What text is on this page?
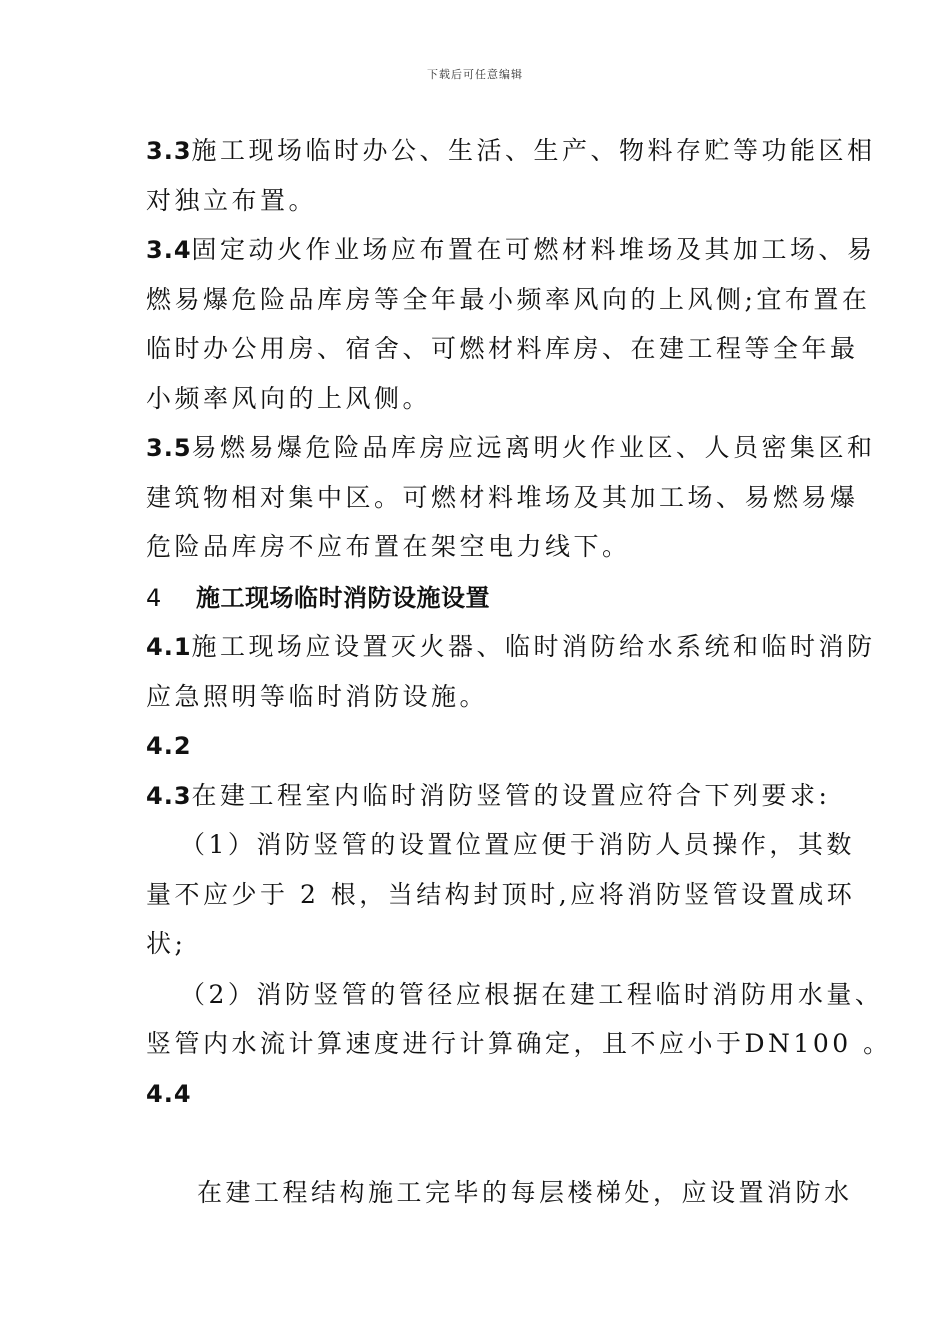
下载后可任意编辑
3.3施工现场临时办公、生活、生产、物料存贮等功能区相
对独立布置。
3.4固定动火作业场应布置在可燃材料堆场及其加工场、易
燃易爆危险品库房等全年最小频率风向的上风侧;宜布置在
临时办公用房、宿舍、可燃材料库房、在建工程等全年最
小频率风向的上风侧。
3.5易燃易爆危险品库房应远离明火作业区、人员密集区和
建筑物相对集中区。可燃材料堆场及其加工场、易燃易爆
危险品库房不应布置在架空电力线下。
4 施工现场临时消防设施设置
4.1施工现场应设置灭火器、临时消防给水系统和临时消防
应急照明等临时消防设施。
4.2
4.3在建工程室内临时消防竖管的设置应符合下列要求:
（1）消防竖管的设置位置应便于消防人员操作，其数
量不应少于 2 根，当结构封顶时,应将消防竖管设置成环
状;
（2）消防竖管的管径应根据在建工程临时消防用水量、
竖管内水流计算速度进行计算确定，且不应小于DN100 。
4.4
在建工程结构施工完毕的每层楼梯处，应设置消防水
